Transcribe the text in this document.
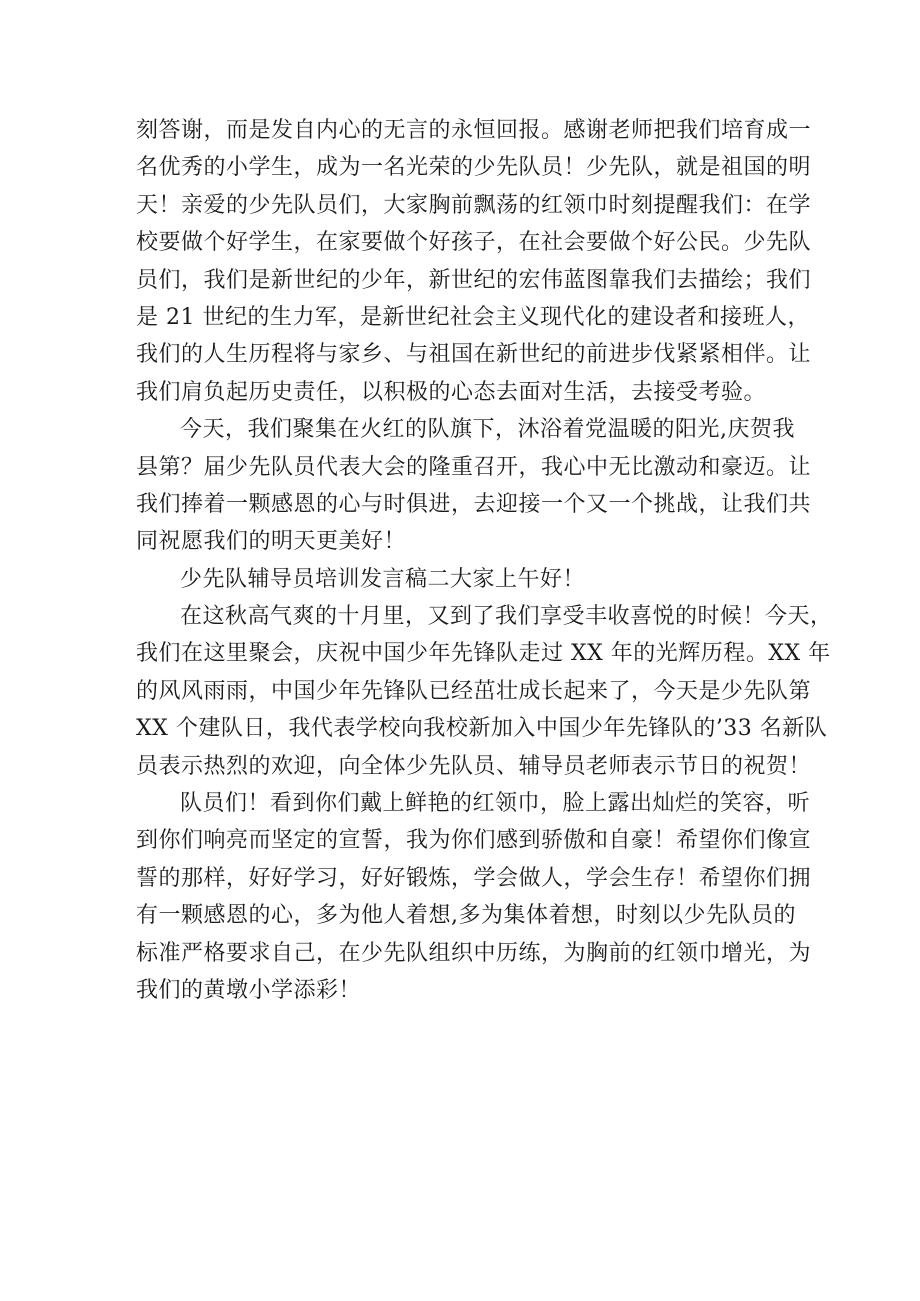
刻答谢，而是发自内心的无言的永恒回报。感谢老师把我们培育成一
名优秀的小学生，成为一名光荣的少先队员！少先队，就是祖国的明
天！亲爱的少先队员们，大家胸前飘荡的红领巾时刻提醒我们：在学
校要做个好学生，在家要做个好孩子，在社会要做个好公民。少先队
员们，我们是新世纪的少年，新世纪的宏伟蓝图靠我们去描绘；我们
是 21 世纪的生力军，是新世纪社会主义现代化的建设者和接班人，
我们的人生历程将与家乡、与祖国在新世纪的前进步伐紧紧相伴。让
我们肩负起历史责任，以积极的心态去面对生活，去接受考验。
今天，我们聚集在火红的队旗下，沐浴着党温暖的阳光,庆贺我
县第？届少先队员代表大会的隆重召开，我心中无比激动和豪迈。让
我们捧着一颗感恩的心与时俱进，去迎接一个又一个挑战，让我们共
同祝愿我们的明天更美好！
少先队辅导员培训发言稿二大家上午好！
在这秋高气爽的十月里，又到了我们享受丰收喜悦的时候！今天，
我们在这里聚会，庆祝中国少年先锋队走过 XX 年的光辉历程。XX 年
的风风雨雨，中国少年先锋队已经茁壮成长起来了，今天是少先队第
XX 个建队日，我代表学校向我校新加入中国少年先锋队的’33 名新队
员表示热烈的欢迎，向全体少先队员、辅导员老师表示节日的祝贺！
队员们！看到你们戴上鲜艳的红领巾，脸上露出灿烂的笑容，听
到你们响亮而坚定的宣誓，我为你们感到骄傲和自豪！希望你们像宣
誓的那样，好好学习，好好锻炼，学会做人，学会生存！希望你们拥
有一颗感恩的心，多为他人着想,多为集体着想，时刻以少先队员的
标准严格要求自己，在少先队组织中历练，为胸前的红领巾增光，为
我们的黄墩小学添彩！
